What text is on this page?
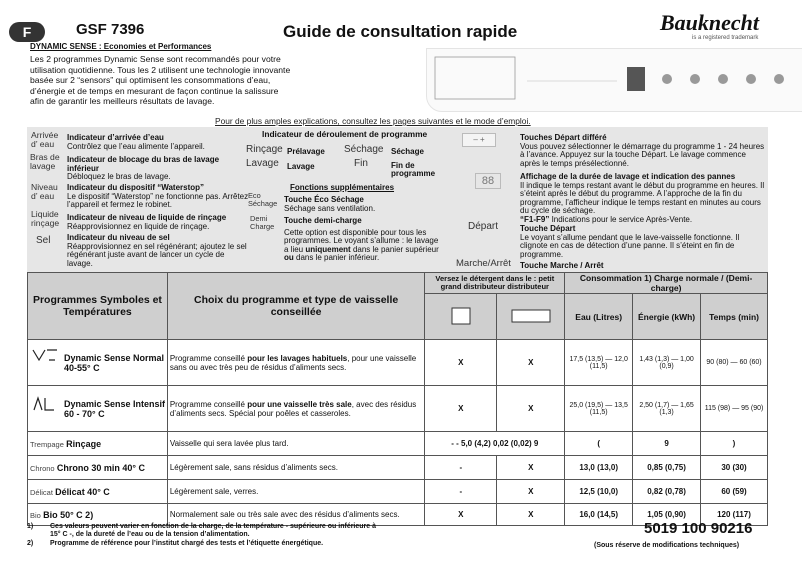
F	GSF 7396	Guide de consultation rapide	Bauknecht
is a registered trademark
DYNAMIC SENSE : Economies et Performances
Les 2 programmes Dynamic Sense sont recommandés pour votre utilisation quotidienne. Tous les 2 utilisent une technologie innovante basée sur 2 “sensors” qui optimisent les consommations d’eau, d’énergie et de temps en mesurant de façon continue la salissure afin de garantir les meilleurs résultats de lavage.
Pour de plus amples explications, consultez les pages suivantes et le mode d’emploi.
Arrivée d’ eau
Indicateur d’arrivée d’eau
Contrôlez que l’eau alimente l’appareil.
Bras de lavage
Indicateur de blocage du bras de lavage inférieur
Débloquez le bras de lavage.
Niveau d’ eau
Indicateur du dispositif “Waterstop”
Le dispositif “Waterstop” ne fonctionne pas. Arrêtez l’appareil et fermez le robinet.
Liquide rinçage
Indicateur de niveau de liquide de rinçage
Réapprovisionnez en liquide de rinçage.
Sel Indicateur du niveau de sel
Réapprovisionnez en sel régénérant; ajoutez le sel régénérant juste avant de lancer un cycle de lavage.
Indicateur de déroulement de programme
Rinçage Prélavage Séchage Séchage
Lavage Lavage	Fin	Fin de programme
Fonctions supplémentaires
Eco Séchage Touche Éco Séchage
Séchage sans ventilation.
Demi Charge
Touche demi-charge
Cette option est disponible pour tous les programmes. Le voyant s’allume : le lavage a lieu uniquement dans le panier supérieur ou dans le panier inférieur.
– +
88
Départ
Marche/Arrêt
Touches Départ différé
Vous pouvez sélectionner le démarrage du programme 1 - 24 heures à l’avance. Appuyez sur la touche Départ. Le lavage commence après le temps présélectionné.
Affichage de la durée de lavage et indication des pannes
Il indique le temps restant avant le début du programme en heures. Il s’éteint après le début du programme. A l’approche de la fin du programme, l’afficheur indique le temps restant en minutes au cours du cycle de séchage.
“F1-F9” Indications pour le service Après-Vente.
Touche Départ
Le voyant s’allume pendant que le lave-vaisselle fonctionne. Il clignote en cas de détection d’une panne. Il s’éteint en fin de programme.
Touche Marche / Arrêt
Programmes Symboles et Températures	Choix du programme et type de vaisselle conseillée	Versez le détergent dans le : petit grand distributeur distributeur		Consommation 1) Charge normale / (Demi-charge)		
		Eau (Litres)	Énergie (kWh)	Temps (min)
Dynamic Sense Normal 40-55° C	Programme conseillé pour les lavages habituels, pour une vaisselle sans ou avec très peu de résidus d’aliments secs.	X	X	17,5 (13,5) — 12,0 (11,5)	1,43 (1,3) — 1,00 (0,9)	90 (80) — 60 (60)
Dynamic Sense Intensif 60 - 70° C	Programme conseillé pour une vaisselle très sale, avec des résidus d’aliments secs. Spécial pour poêles et casseroles.	X	X	25,0 (19,5) — 13,5 (11,5)	2,50 (1,7) — 1,65 (1,3)	115 (98) — 95 (90)
Trempage Rinçage	Vaisselle qui sera lavée plus tard.	- - 5,0 (4,2) 0,02 (0,02) 9		(	9	)
Chrono Chrono 30 min 40° C	Légèrement sale, sans résidus d’aliments secs.	-	X	13,0 (13,0)	0,85 (0,75)	30 (30)
Délicat Délicat 40° C	Légèrement sale, verres.	-	X	12,5 (10,0)	0,82 (0,78)	60 (59)
Bio Bio 50° C 2)	Normalement sale ou très sale avec des résidus d’aliments secs.	X	X	16,0 (14,5)	1,05 (0,90)	120 (117)
1) Ces valeurs peuvent varier en fonction de la charge, de la température - supérieure ou inférieure à 15° C -, de la dureté de l’eau ou de la tension d’alimentation.
2) Programme de référence pour l’institut chargé des tests et l’étiquette énergétique.
5019 100 90216
(Sous réserve de modifications techniques)
